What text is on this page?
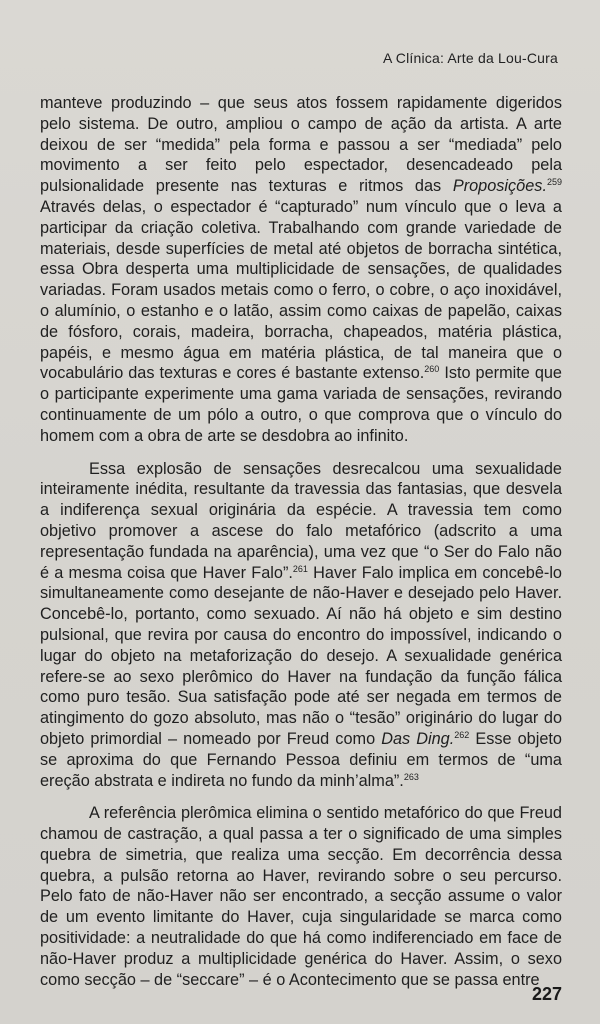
A Clínica: Arte da Lou-Cura

manteve produzindo – que seus atos fossem rapidamente digeridos pelo sistema. De outro, ampliou o campo de ação da artista. A arte deixou de ser “medida” pela forma e passou a ser “mediada” pelo movimento a ser feito pelo espectador, desencadeado pela pulsionalidade presente nas texturas e ritmos das Proposições.$^{259}$ Através delas, o espectador é “capturado” num vínculo que o leva a participar da criação coletiva. Trabalhando com grande variedade de materiais, desde superfícies de metal até objetos de borracha sintética, essa Obra desperta uma multiplicidade de sensações, de qualidades variadas. Foram usados metais como o ferro, o cobre, o aço inoxidável, o alumínio, o estanho e o latão, assim como caixas de papelão, caixas de fósforo, corais, madeira, borracha, chapeados, matéria plástica, papéis, e mesmo água em matéria plástica, de tal maneira que o vocabulário das texturas e cores é bastante extenso.$^{260}$ Isto permite que o participante experimente uma gama variada de sensações, revirando continuamente de um pólo a outro, o que comprova que o vínculo do homem com a obra de arte se desdobra ao infinito.

Essa explosão de sensações desrecalcou uma sexualidade inteiramente inédita, resultante da travessia das fantasias, que desvela a indiferença sexual originária da espécie. A travessia tem como objetivo promover a ascese do falo metafórico (adscrito a uma representação fundada na aparência), uma vez que “o Ser do Falo não é a mesma coisa que Haver Falo”.$^{261}$ Haver Falo implica em concebê-lo simultaneamente como desejante de não-Haver e desejado pelo Haver. Concebê-lo, portanto, como sexuado. Aí não há objeto e sim destino pulsional, que revira por causa do encontro do impossível, indicando o lugar do objeto na metaforização do desejo. A sexualidade genérica refere-se ao sexo plerômico do Haver na fundação da função fálica como puro tesão. Sua satisfação pode até ser negada em termos de atingimento do gozo absoluto, mas não o “tesão” originário do lugar do objeto primordial – nomeado por Freud como Das Ding.$^{262}$ Esse objeto se aproxima do que Fernando Pessoa definiu em termos de “uma ereção abstrata e indireta no fundo da minh’alma”.$^{263}$

A referência plerômica elimina o sentido metafórico do que Freud chamou de castração, a qual passa a ter o significado de uma simples quebra de simetria, que realiza uma secção. Em decorrência dessa quebra, a pulsão retorna ao Haver, revirando sobre o seu percurso. Pelo fato de não-Haver não ser encontrado, a secção assume o valor de um evento limitante do Haver, cuja singularidade se marca como positividade: a neutralidade do que há como indiferenciado em face de não-Haver produz a multiplicidade genérica do Haver. Assim, o sexo como secção – de “seccare” – é o Acontecimento que se passa entre

227
